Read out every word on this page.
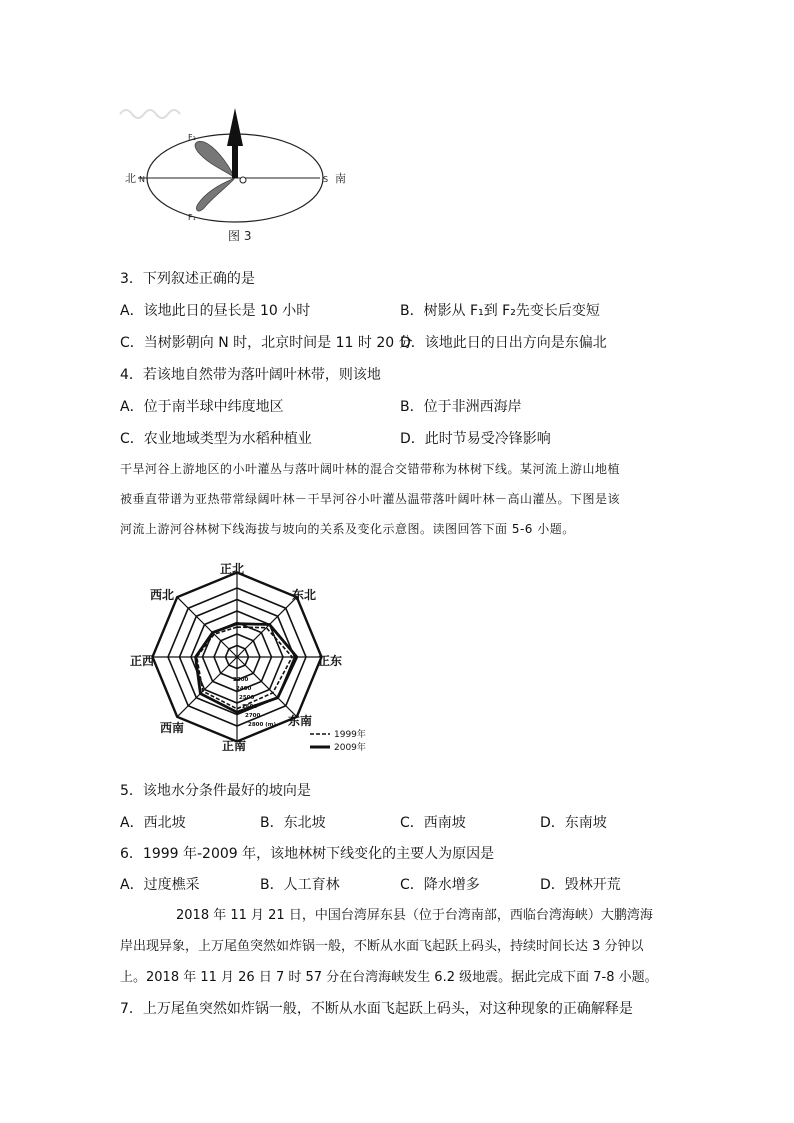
北 N	S 南
F₂
F₁
图 3
3．下列叙述正确的是
A．该地此日的昼长是 10 小时	B．树影从 F₁到 F₂先变长后变短
C．当树影朝向 N 时，北京时间是 11 时 20 分
D．该地此日的日出方向是东偏北
4．若该地自然带为落叶阔叶林带，则该地
A．位于南半球中纬度地区	B．位于非洲西海岸
C．农业地域类型为水稻种植业	D．此时节易受冷锋影响
干旱河谷上游地区的小叶灌丛与落叶阔叶林的混合交错带称为林树下线。某河流上游山地植
被垂直带谱为亚热带常绿阔叶林－干旱河谷小叶灌丛温带落叶阔叶林－高山灌丛。下图是该
河流上游河谷林树下线海拔与坡向的关系及变化示意图。读图回答下面 5-6 小题。
正北
东北
正东
东南
正南
西南
正西
西北
2300
2400
2500
2600
2700
2800 (m)
1999年
2009年
5．该地水分条件最好的坡向是
A．西北坡	B．东北坡	C．西南坡	D．东南坡
6．1999 年-2009 年，该地林树下线变化的主要人为原因是
A．过度樵采	B．人工育林	C．降水增多	D．毁林开荒
2018 年 11 月 21 日，中国台湾屏东县（位于台湾南部，西临台湾海峡）大鹏湾海
岸出现异象，上万尾鱼突然如炸锅一般，不断从水面飞起跃上码头，持续时间长达 3 分钟以
上。2018 年 11 月 26 日 7 时 57 分在台湾海峡发生 6.2 级地震。据此完成下面 7-8 小题。
7．上万尾鱼突然如炸锅一般，不断从水面飞起跃上码头，对这种现象的正确解释是
